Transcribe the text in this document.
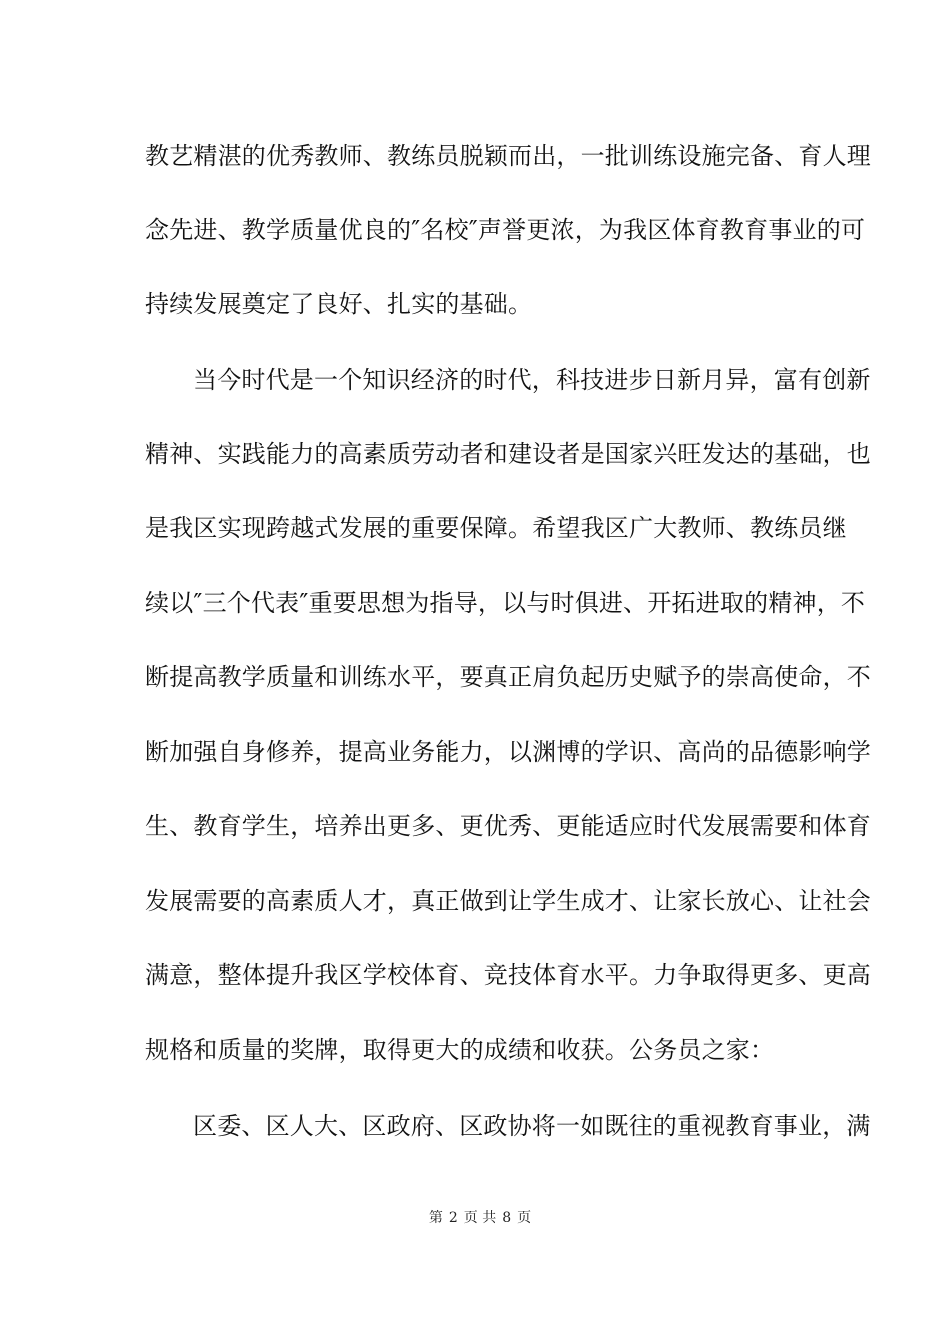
教艺精湛的优秀教师、教练员脱颖而出，一批训练设施完备、育人理
念先进、教学质量优良的″名校″声誉更浓，为我区体育教育事业的可
持续发展奠定了良好、扎实的基础。
当今时代是一个知识经济的时代，科技进步日新月异，富有创新
精神、实践能力的高素质劳动者和建设者是国家兴旺发达的基础，也
是我区实现跨越式发展的重要保障。希望我区广大教师、教练员继
续以″三个代表″重要思想为指导，以与时俱进、开拓进取的精神，不
断提高教学质量和训练水平，要真正肩负起历史赋予的崇高使命，不
断加强自身修养，提高业务能力，以渊博的学识、高尚的品德影响学
生、教育学生，培养出更多、更优秀、更能适应时代发展需要和体育
发展需要的高素质人才，真正做到让学生成才、让家长放心、让社会
满意，整体提升我区学校体育、竞技体育水平。力争取得更多、更高
规格和质量的奖牌，取得更大的成绩和收获。公务员之家：
区委、区人大、区政府、区政协将一如既往的重视教育事业，满
第 2 页 共 8 页
